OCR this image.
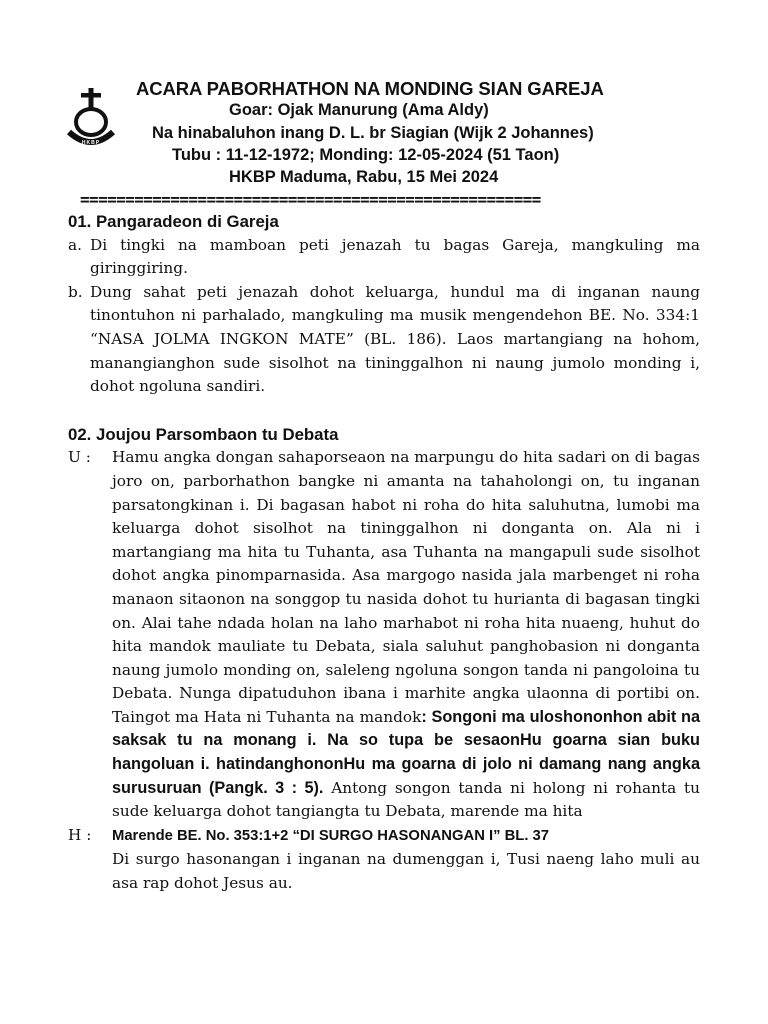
HKBP
ACARA PABORHATHON NA MONDING SIAN GAREJA
Goar: Ojak Manurung (Ama Aldy)
Na hinabaluhon inang D. L. br Siagian (Wijk 2 Johannes)
Tubu : 11-12-1972; Monding: 12-05-2024 (51 Taon)
HKBP Maduma, Rabu, 15 Mei 2024
===================================================
01. Pangaradeon di Gareja
a. Di tingki na mamboan peti jenazah tu bagas Gareja, mangkuling ma giringgiring.
b. Dung sahat peti jenazah dohot keluarga, hundul ma di inganan naung tinontuhon ni parhalado, mangkuling ma musik mengendehon BE. No. 334:1 “NASA JOLMA INGKON MATE” (BL. 186). Laos martangiang na hohom, manangianghon sude sisolhot na tininggalhon ni naung jumolo monding i, dohot ngoluna sandiri.
02. Joujou Parsombaon tu Debata
U :	Hamu angka dongan sahaporseaon na marpungu do hita sadari on di bagas joro on, parborhathon bangke ni amanta na tahaholongi on, tu inganan parsatongkinan i. Di bagasan habot ni roha do hita saluhutna, lumobi ma keluarga dohot sisolhot na tininggalhon ni donganta on. Ala ni i martangiang ma hita tu Tuhanta, asa Tuhanta na mangapuli sude sisolhot dohot angka pinomparnasida. Asa margogo nasida jala marbenget ni roha manaon sitaonon na songgop tu nasida dohot tu hurianta di bagasan tingki on. Alai tahe ndada holan na laho marhabot ni roha hita nuaeng, huhut do hita mandok mauliate tu Debata, siala saluhut panghobasion ni donganta naung jumolo monding on, saleleng ngoluna songon tanda ni pangoloina tu Debata. Nunga dipatuduhon ibana i marhite angka ulaonna di portibi on. Taingot ma Hata ni Tuhanta na mandok: Songoni ma uloshononhon abit na saksak tu na monang i. Na so tupa be sesaonHu goarna sian buku hangoluan i. hatindanghononHu ma goarna di jolo ni damang nang angka surusuruan (Pangk. 3 : 5). Antong songon tanda ni holong ni rohanta tu sude keluarga dohot tangiangta tu Debata, marende ma hita
H :	Marende BE. No. 353:1+2 “DI SURGO HASONANGAN I” BL. 37
Di surgo hasonangan i inganan na dumenggan i, Tusi naeng laho muli au asa rap dohot Jesus au.
